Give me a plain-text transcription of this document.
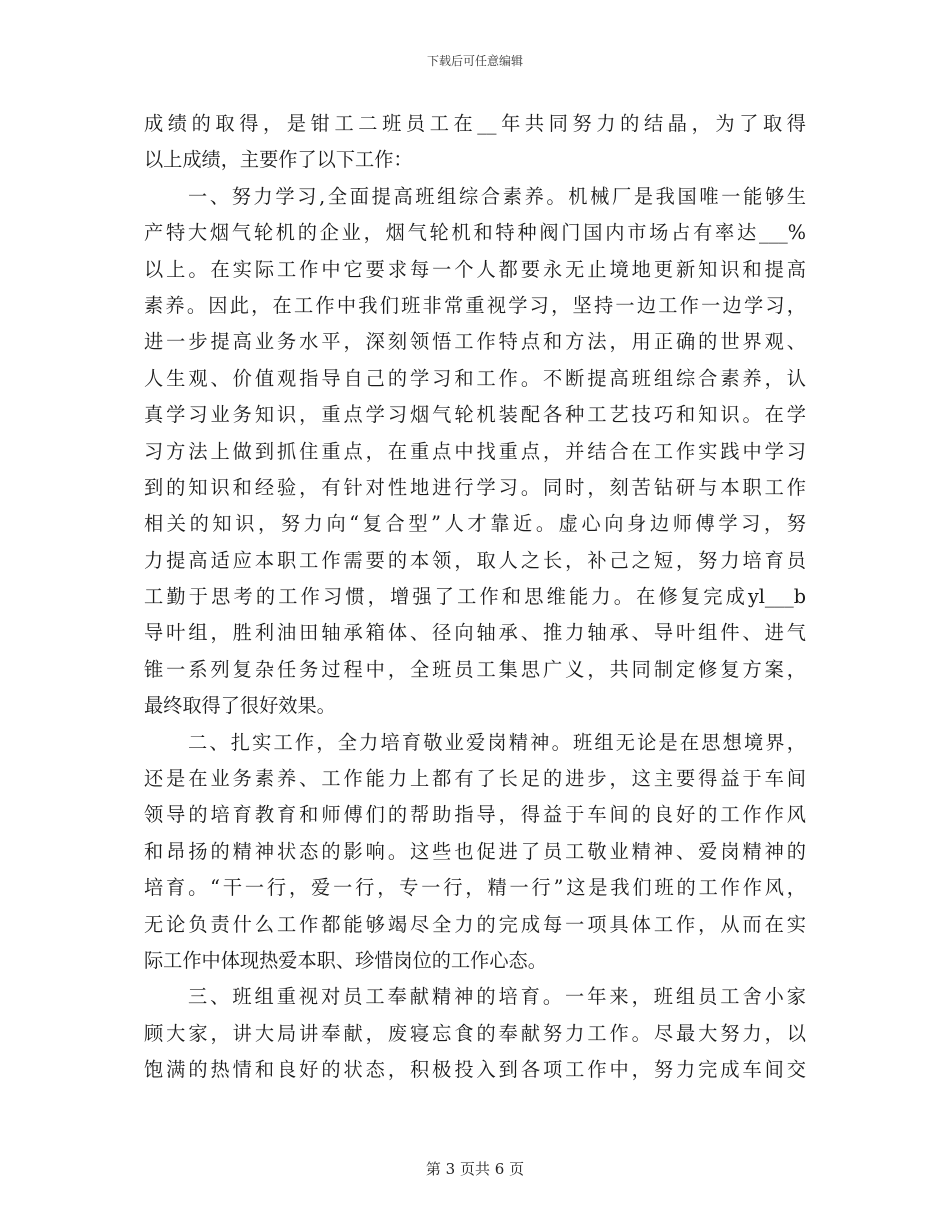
下载后可任意编辑
成绩的取得，是钳工二班员工在__年共同努力的结晶，为了取得
以上成绩，主要作了以下工作：
一、努力学习,全面提高班组综合素养。机械厂是我国唯一能够生
产特大烟气轮机的企业，烟气轮机和特种阀门国内市场占有率达___%
以上。在实际工作中它要求每一个人都要永无止境地更新知识和提高
素养。因此，在工作中我们班非常重视学习，坚持一边工作一边学习，
进一步提高业务水平，深刻领悟工作特点和方法，用正确的世界观、
人生观、价值观指导自己的学习和工作。不断提高班组综合素养，认
真学习业务知识，重点学习烟气轮机装配各种工艺技巧和知识。在学
习方法上做到抓住重点，在重点中找重点，并结合在工作实践中学习
到的知识和经验，有针对性地进行学习。同时，刻苦钻研与本职工作
相关的知识，努力向“复合型”人才靠近。虚心向身边师傅学习，努
力提高适应本职工作需要的本领，取人之长，补己之短，努力培育员
工勤于思考的工作习惯，增强了工作和思维能力。在修复完成yl___b
导叶组，胜利油田轴承箱体、径向轴承、推力轴承、导叶组件、进气
锥一系列复杂任务过程中，全班员工集思广义，共同制定修复方案，
最终取得了很好效果。
二、扎实工作，全力培育敬业爱岗精神。班组无论是在思想境界，
还是在业务素养、工作能力上都有了长足的进步，这主要得益于车间
领导的培育教育和师傅们的帮助指导，得益于车间的良好的工作作风
和昂扬的精神状态的影响。这些也促进了员工敬业精神、爱岗精神的
培育。“干一行，爱一行，专一行，精一行”这是我们班的工作作风，
无论负责什么工作都能够竭尽全力的完成每一项具体工作，从而在实
际工作中体现热爱本职、珍惜岗位的工作心态。
三、班组重视对员工奉献精神的培育。一年来，班组员工舍小家
顾大家，讲大局讲奉献，废寝忘食的奉献努力工作。尽最大努力，以
饱满的热情和良好的状态，积极投入到各项工作中，努力完成车间交
第 3 页共 6 页
